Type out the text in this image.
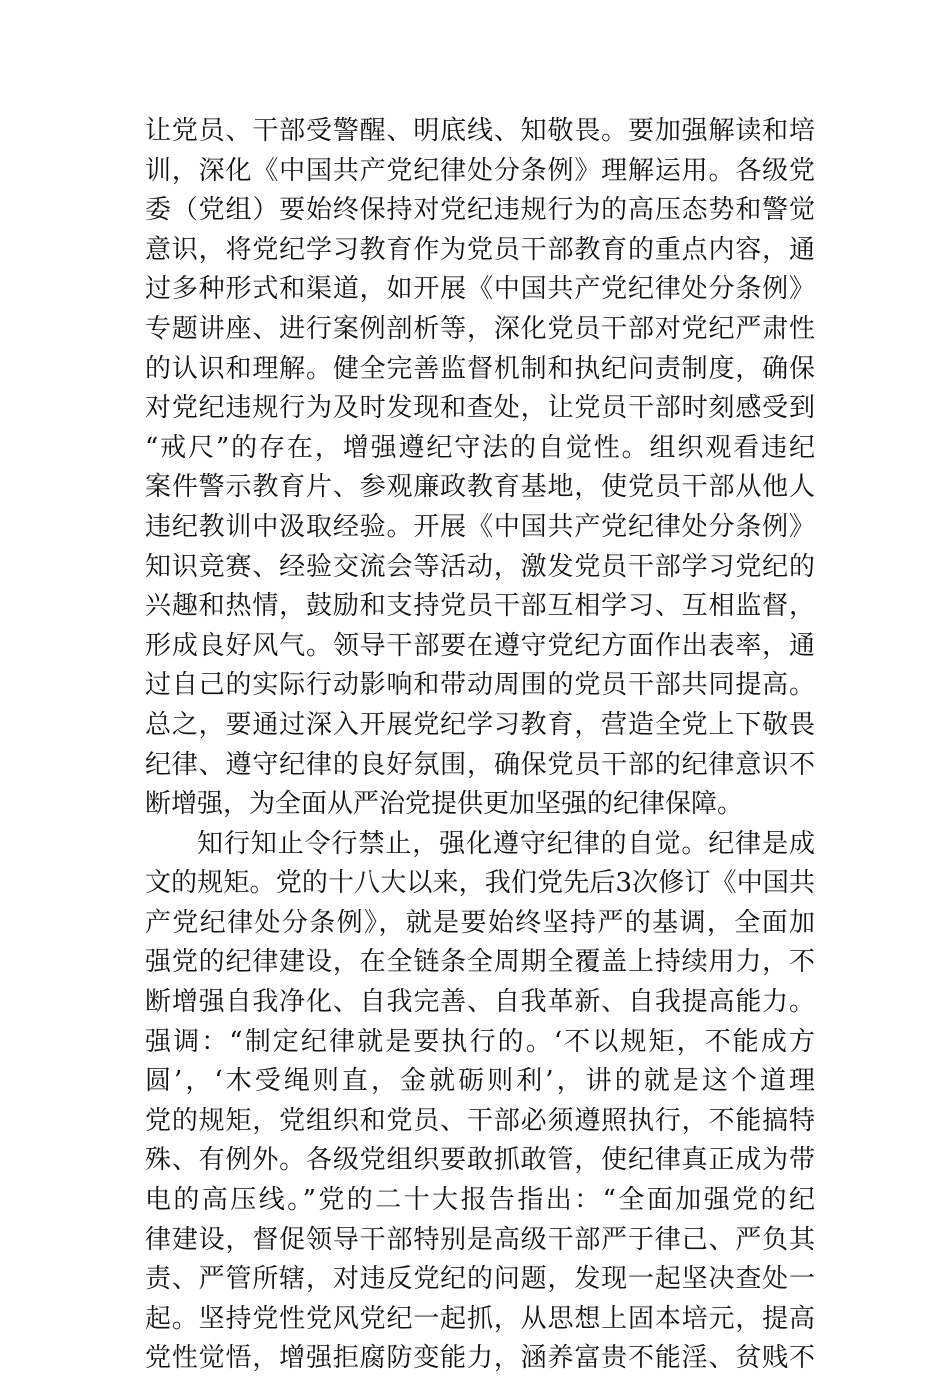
让党员、干部受警醒、明底线、知敬畏。要加强解读和培
训，深化《中国共产党纪律处分条例》理解运用。各级党
委（党组）要始终保持对党纪违规行为的高压态势和警觉
意识，将党纪学习教育作为党员干部教育的重点内容，通
过多种形式和渠道，如开展《中国共产党纪律处分条例》
专题讲座、进行案例剖析等，深化党员干部对党纪严肃性
的认识和理解。健全完善监督机制和执纪问责制度，确保
对党纪违规行为及时发现和查处，让党员干部时刻感受到
“戒尺”的存在，增强遵纪守法的自觉性。组织观看违纪
案件警示教育片、参观廉政教育基地，使党员干部从他人
违纪教训中汲取经验。开展《中国共产党纪律处分条例》
知识竞赛、经验交流会等活动，激发党员干部学习党纪的
兴趣和热情，鼓励和支持党员干部互相学习、互相监督，
形成良好风气。领导干部要在遵守党纪方面作出表率，通
过自己的实际行动影响和带动周围的党员干部共同提高。
总之，要通过深入开展党纪学习教育，营造全党上下敬畏
纪律、遵守纪律的良好氛围，确保党员干部的纪律意识不
断增强，为全面从严治党提供更加坚强的纪律保障。
知行知止令行禁止，强化遵守纪律的自觉。纪律是成
文的规矩。党的十八大以来，我们党先后3次修订《中国共
产党纪律处分条例》，就是要始终坚持严的基调，全面加
强党的纪律建设，在全链条全周期全覆盖上持续用力，不
断增强自我净化、自我完善、自我革新、自我提高能力。
强调：“制定纪律就是要执行的。‘不以规矩，不能成方
圆’，‘木受绳则直，金就砺则利’，讲的就是这个道理
党的规矩，党组织和党员、干部必须遵照执行，不能搞特
殊、有例外。各级党组织要敢抓敢管，使纪律真正成为带
电的高压线。”党的二十大报告指出：“全面加强党的纪
律建设，督促领导干部特别是高级干部严于律己、严负其
责、严管所辖，对违反党纪的问题，发现一起坚决查处一
起。坚持党性党风党纪一起抓，从思想上固本培元，提高
党性觉悟，增强拒腐防变能力，涵养富贵不能淫、贫贱不
